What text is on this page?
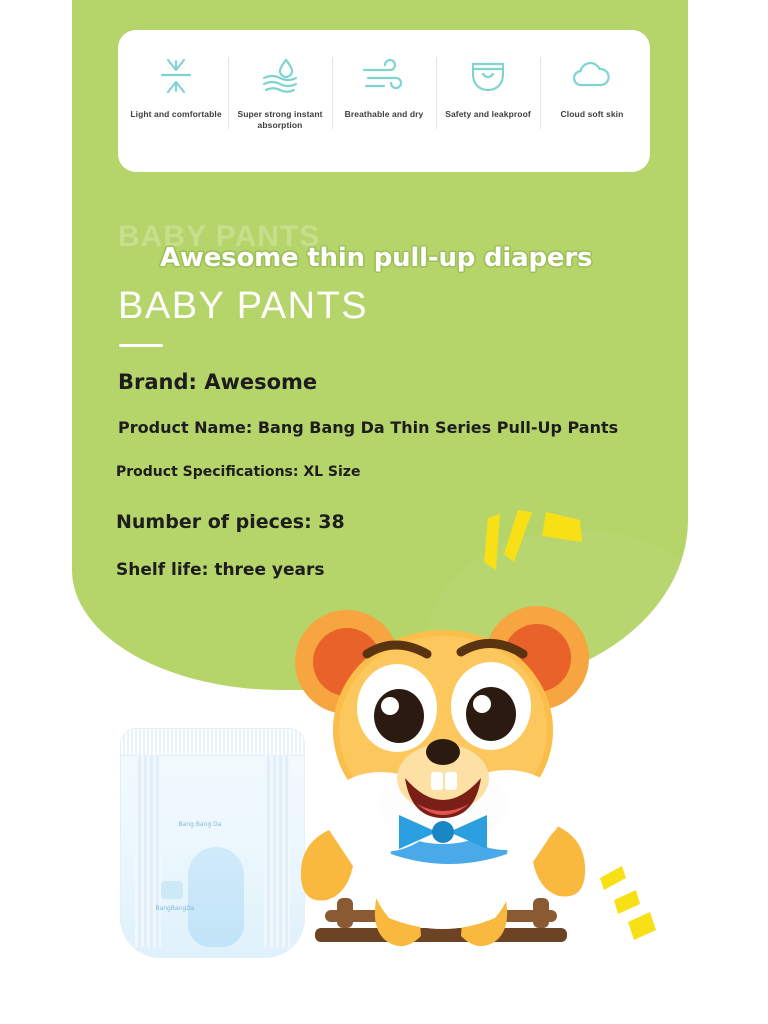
Light and comfortable	Super strong instant absorption
Breathable and dry	Safety and leakproof	Cloud soft skin
BABY PANTS
Awesome thin pull-up diapers
BABY PANTS
Brand: Awesome
Product Name: Bang Bang Da Thin Series Pull-Up Pants
Product Specifications: XL Size
Number of pieces: 38
Shelf life: three years
Bang Bang Da
BangBangDa
